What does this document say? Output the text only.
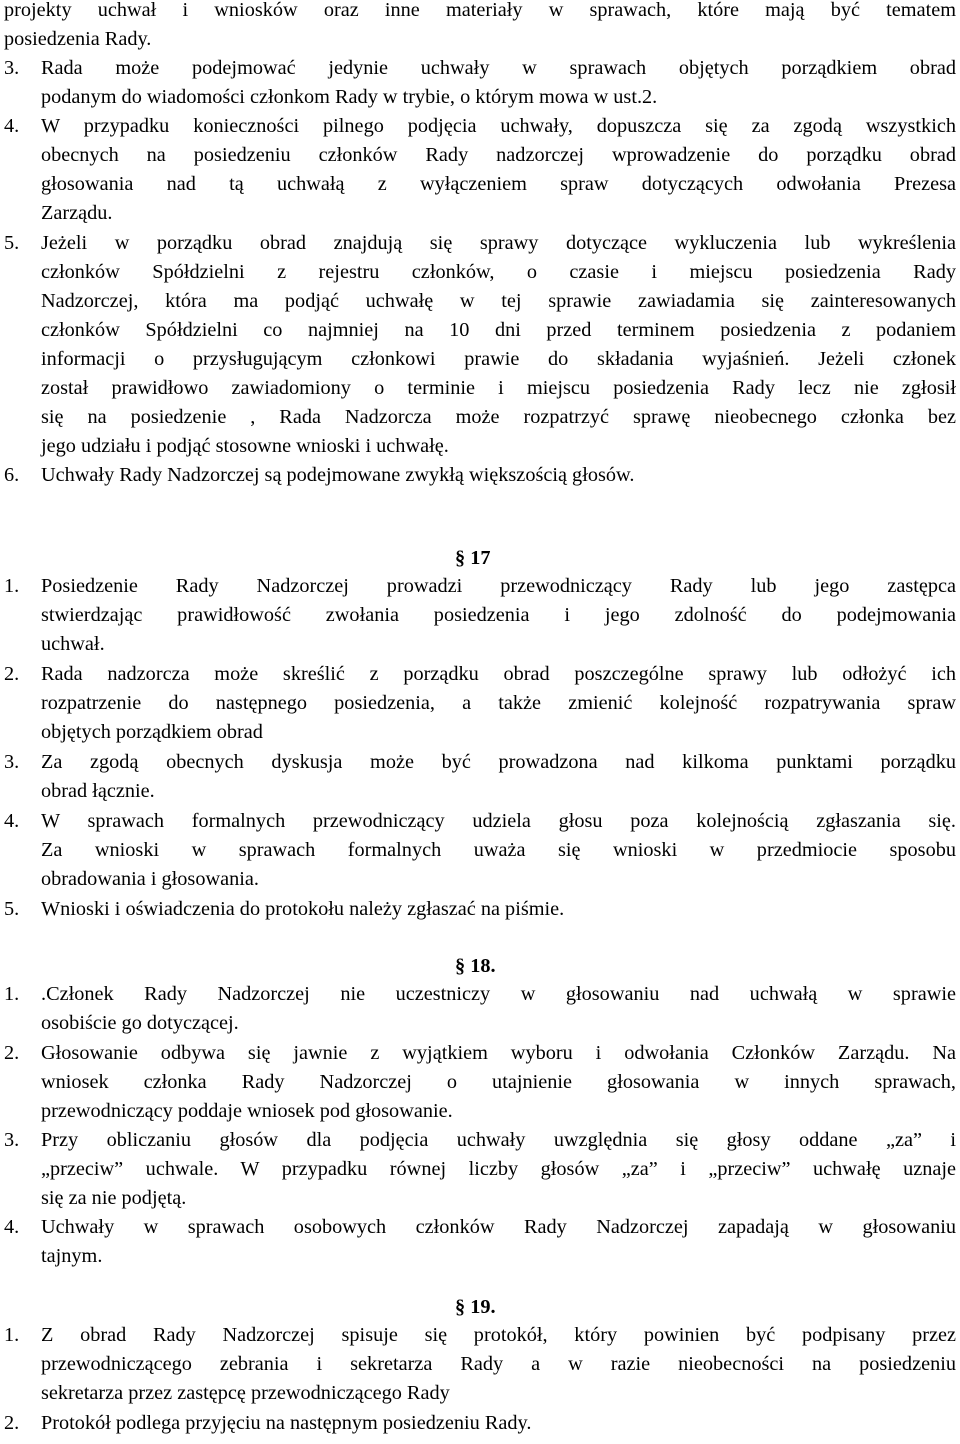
projekty uchwał i wniosków oraz inne materiały w sprawach, które mają być tematem
posiedzenia Rady.
3. Rada może podejmować jedynie uchwały w sprawach objętych porządkiem obrad
podanym do wiadomości członkom Rady w trybie, o którym mowa w ust.2.
4. W przypadku konieczności pilnego podjęcia uchwały, dopuszcza się za zgodą wszystkich
obecnych na posiedzeniu członków Rady nadzorczej wprowadzenie do porządku obrad
głosowania nad tą uchwałą z wyłączeniem spraw dotyczących odwołania Prezesa
Zarządu.
5. Jeżeli w porządku obrad znajdują się sprawy dotyczące wykluczenia lub wykreślenia
członków Spółdzielni z rejestru członków, o czasie i miejscu posiedzenia Rady
Nadzorczej, która ma podjąć uchwałę w tej sprawie zawiadamia się zainteresowanych
członków Spółdzielni co najmniej na 10 dni przed terminem posiedzenia z podaniem
informacji o przysługującym członkowi prawie do składania wyjaśnień. Jeżeli członek
został prawidłowo zawiadomiony o terminie i miejscu posiedzenia Rady lecz nie zgłosił
się na posiedzenie , Rada Nadzorcza może rozpatrzyć sprawę nieobecnego członka bez
jego udziału i podjąć stosowne wnioski i uchwałę.
6. Uchwały Rady Nadzorczej są podejmowane zwykłą większością głosów.
§ 17
1. Posiedzenie Rady Nadzorczej prowadzi przewodniczący Rady lub jego zastępca
stwierdzając prawidłowość zwołania posiedzenia i jego zdolność do podejmowania
uchwał.
2. Rada nadzorcza może skreślić z porządku obrad poszczególne sprawy lub odłożyć ich
rozpatrzenie do następnego posiedzenia, a także zmienić kolejność rozpatrywania spraw
objętych porządkiem obrad
3. Za zgodą obecnych dyskusja może być prowadzona nad kilkoma punktami porządku
obrad łącznie.
4. W sprawach formalnych przewodniczący udziela głosu poza kolejnością zgłaszania się.
Za wnioski w sprawach formalnych uważa się wnioski w przedmiocie sposobu
obradowania i głosowania.
5. Wnioski i oświadczenia do protokołu należy zgłaszać na piśmie.
§ 18.
1. .Członek Rady Nadzorczej nie uczestniczy w głosowaniu nad uchwałą w sprawie
osobiście go dotyczącej.
2. Głosowanie odbywa się jawnie z wyjątkiem wyboru i odwołania Członków Zarządu. Na
wniosek członka Rady Nadzorczej o utajnienie głosowania w innych sprawach,
przewodniczący poddaje wniosek pod głosowanie.
3. Przy obliczaniu głosów dla podjęcia uchwały uwzględnia się głosy oddane „za” i
„przeciw” uchwale. W przypadku równej liczby głosów „za” i „przeciw” uchwałę uznaje
się za nie podjętą.
4. Uchwały w sprawach osobowych członków Rady Nadzorczej zapadają w głosowaniu
tajnym.
§ 19.
1. Z obrad Rady Nadzorczej spisuje się protokół, który powinien być podpisany przez
przewodniczącego zebrania i sekretarza Rady a w razie nieobecności na posiedzeniu
sekretarza przez zastępcę przewodniczącego Rady
2. Protokół podlega przyjęciu na następnym posiedzeniu Rady.
